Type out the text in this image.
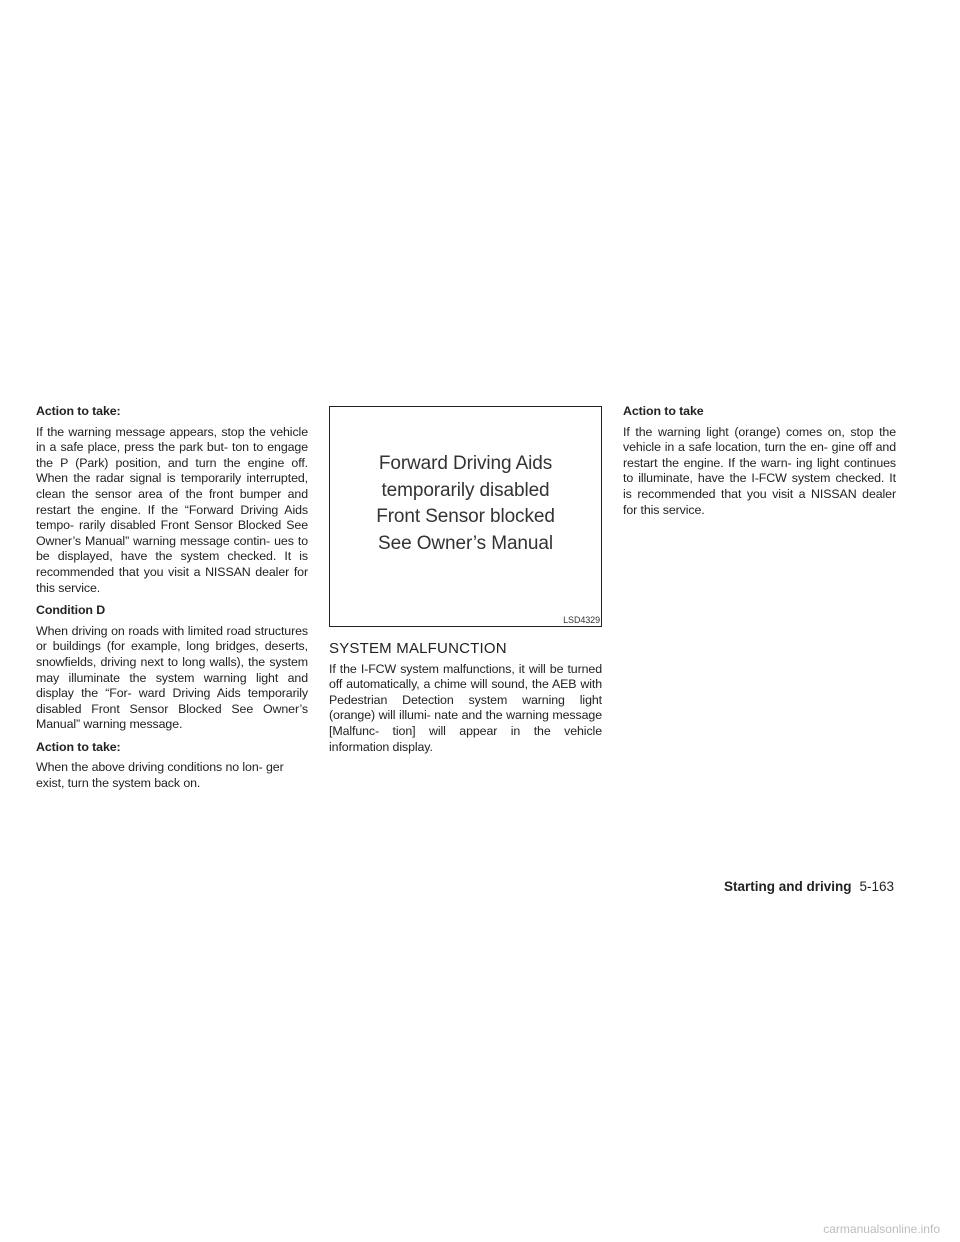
Action to take:

If the warning message appears, stop the vehicle in a safe place, press the park but- ton to engage the P (Park) position, and turn the engine off. When the radar signal is temporarily interrupted, clean the sensor area of the front bumper and restart the engine. If the “Forward Driving Aids tempo- rarily disabled Front Sensor Blocked See Owner’s Manual” warning message contin- ues to be displayed, have the system checked. It is recommended that you visit a NISSAN dealer for this service.

Condition D

When driving on roads with limited road structures or buildings (for example, long bridges, deserts, snowfields, driving next to long walls), the system may illuminate the system warning light and display the “For- ward Driving Aids temporarily disabled Front Sensor Blocked See Owner’s Manual” warning message.

Action to take:

When the above driving conditions no lon- ger exist, turn the system back on.

Forward Driving Aids
temporarily disabled
Front Sensor blocked
See Owner’s Manual
LSD4329
SYSTEM MALFUNCTION

If the I-FCW system malfunctions, it will be turned off automatically, a chime will sound, the AEB with Pedestrian Detection system warning light (orange) will illumi- nate and the warning message [Malfunc- tion] will appear in the vehicle information display.

Action to take

If the warning light (orange) comes on, stop the vehicle in a safe location, turn the en- gine off and restart the engine. If the warn- ing light continues to illuminate, have the I-FCW system checked. It is recommended that you visit a NISSAN dealer for this service.

Starting and driving 5-163
carmanualsonline.info
